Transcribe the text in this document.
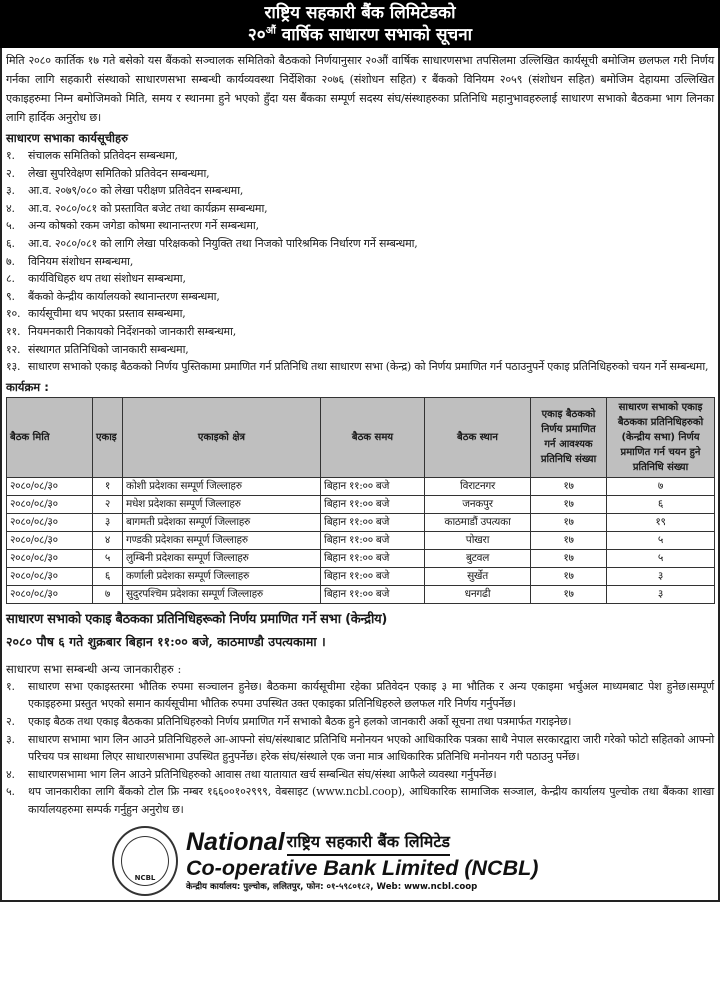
राष्ट्रिय सहकारी बैंक लिमिटेडको
$२०^{औं}$ वार्षिक साधारण सभाको सूचना

मिति २०८० कार्तिक १७ गते बसेको यस बैंकको सञ्चालक समितिको बैठकको निर्णयानुसार २०औं वार्षिक साधारणसभा तपसिलमा उल्लिखित कार्यसूची बमोजिम छलफल गरी निर्णय गर्नका लागि सहकारी संस्थाको साधारणसभा सम्बन्धी कार्यव्यवस्था निर्देशिका २०७६ (संशोधन सहित) र बैंकको विनियम २०५९ (संशोधन सहित) बमोजिम देहायमा उल्लिखित एकाइहरुमा निम्न बमोजिमको मिति, समय र स्थानमा हुने भएको हुँदा यस बैंकका सम्पूर्ण सदस्य संघ/संस्थाहरुका प्रतिनिधि महानुभावहरुलाई साधारण सभाको बैठकमा भाग लिनका लागि हार्दिक अनुरोध छ।

साधारण सभाका कार्यसूचीहरु
१.	संचालक समितिको प्रतिवेदन सम्बन्धमा,
२.	लेखा सुपरिवेक्षण समितिको प्रतिवेदन सम्बन्धमा,
३.	आ.व. २०७९/०८० को लेखा परीक्षण प्रतिवेदन सम्बन्धमा,
४.	आ.व. २०८०/०८१ को प्रस्तावित बजेट तथा कार्यक्रम सम्बन्धमा,
५.	अन्य कोषको रकम जगेडा कोषमा स्थानान्तरण गर्ने सम्बन्धमा,
६.	आ.व. २०८०/०८१ को लागि लेखा परिक्षकको नियुक्ति तथा निजको पारिश्रमिक निर्धारण गर्ने सम्बन्धमा,
७.	विनियम संशोधन सम्बन्धमा,
८.	कार्यविधिहरु थप तथा संशोधन सम्बन्धमा,
९.	बैंकको केन्द्रीय कार्यालयको स्थानान्तरण सम्बन्धमा,
१०. कार्यसूचीमा थप भएका प्रस्ताव सम्बन्धमा,
११. नियमनकारी निकायको निर्देशनको जानकारी सम्बन्धमा,
१२. संस्थागत प्रतिनिधिको जानकारी सम्बन्धमा,
१३. साधारण सभाको एकाइ बैठकको निर्णय पुस्तिकामा प्रमाणित गर्न प्रतिनिधि तथा साधारण सभा (केन्द्र) को निर्णय प्रमाणित गर्न पठाउनुपर्ने एकाइ प्रतिनिधिहरुको चयन गर्ने सम्बन्धमा,
कार्यक्रम :
बैठक मिति	एकाइ	एकाइको क्षेत्र	बैठक समय	बैठक स्थान	एकाइ बैठकको निर्णय प्रमाणित गर्न आवश्यक प्रतिनिधि संख्या	साधारण सभाको एकाइ बैठकका प्रतिनिधिहरुको (केन्द्रीय सभा) निर्णय प्रमाणित गर्न चयन हुने प्रतिनिधि संख्या
२०८०/०८/३०	१	कोशी प्रदेशका सम्पूर्ण जिल्लाहरु	बिहान ११:०० बजे	विराटनगर	१७	७
२०८०/०८/३०	२	मधेश प्रदेशका सम्पूर्ण जिल्लाहरु	बिहान ११:०० बजे	जनकपुर	१७	६
२०८०/०८/३०	३	बागमती प्रदेशका सम्पूर्ण जिल्लाहरु	बिहान ११:०० बजे	काठमाडौं उपत्यका	१७	१९
२०८०/०८/३०	४	गण्डकी प्रदेशका सम्पूर्ण जिल्लाहरु	बिहान ११:०० बजे	पोखरा	१७	५
२०८०/०८/३०	५	लुम्बिनी प्रदेशका सम्पूर्ण जिल्लाहरु	बिहान ११:०० बजे	बुटवल	१७	५
२०८०/०८/३०	६	कर्णाली प्रदेशका सम्पूर्ण जिल्लाहरु	बिहान ११:०० बजे	सुर्खेत	१७	३
२०८०/०८/३०	७	सुदुरपश्चिम प्रदेशका सम्पूर्ण जिल्लाहरु	बिहान ११:०० बजे	धनगढी	१७	३
साधारण सभाको एकाइ बैठकका प्रतिनिधिहरूको निर्णय प्रमाणित गर्ने सभा (केन्द्रीय)
२०८० पौष ६ गते शुक्रबार बिहान ११:०० बजे, काठमाण्डौ उपत्यकामा ।
साधारण सभा सम्बन्धी अन्य जानकारीहरु :
१.	साधारण सभा एकाइस्तरमा भौतिक रुपमा सञ्चालन हुनेछ। बैठकमा कार्यसूचीमा रहेका प्रतिवेदन एकाइ ३ मा भौतिक र अन्य एकाइमा भर्चुअल माध्यमबाट पेश हुनेछ।सम्पूर्ण एकाइहरुमा प्रस्तुत भएको समान कार्यसूचीमा भौतिक रुपमा उपस्थित उक्त एकाइका प्रतिनिधिहरुले छलफल गरि निर्णय गर्नुपर्नेछ।
२.	एकाइ बैठक तथा एकाइ बैठकका प्रतिनिधिहरुको निर्णय प्रमाणित गर्ने सभाको बैठक हुने हलको जानकारी अर्को सूचना तथा पत्रमार्फत गराइनेछ।
३.	साधारण सभामा भाग लिन आउने प्रतिनिधिहरुले आ-आफ्नो संघ/संस्थाबाट प्रतिनिधि मनोनयन भएको आधिकारिक पत्रका साथै नेपाल सरकारद्वारा जारी गरेको फोटो सहितको आफ्नो परिचय पत्र साथमा लिएर साधारणसभामा उपस्थित हुनुपर्नेछ। हरेक संघ/संस्थाले एक जना मात्र आधिकारिक प्रतिनिधि मनोनयन गरी पठाउनु पर्नेछ।
४.	साधारणसभामा भाग लिन आउने प्रतिनिधिहरुको आवास तथा यातायात खर्च सम्बन्धित संघ/संस्था आफैले व्यवस्था गर्नुपर्नेछ।
५.	थप जानकारीका लागि बैंकको टोल फ्रि नम्बर १६६००१०२९९९, वेबसाइट (www.ncbl.coop), आधिकारिक सामाजिक सञ्जाल, केन्द्रीय कार्यालय पुल्चोक तथा बैंकका शाखा कार्यालयहरुमा सम्पर्क गर्नुहुन अनुरोध छ।
NCBL
National राष्ट्रिय सहकारी बैंक लिमिटेड
Co-operative Bank Limited (NCBL)
केन्द्रीय कार्यालय: पुल्चोक, ललितपुर, फोन: ०१-५९८०१८२, Web: www.ncbl.coop
